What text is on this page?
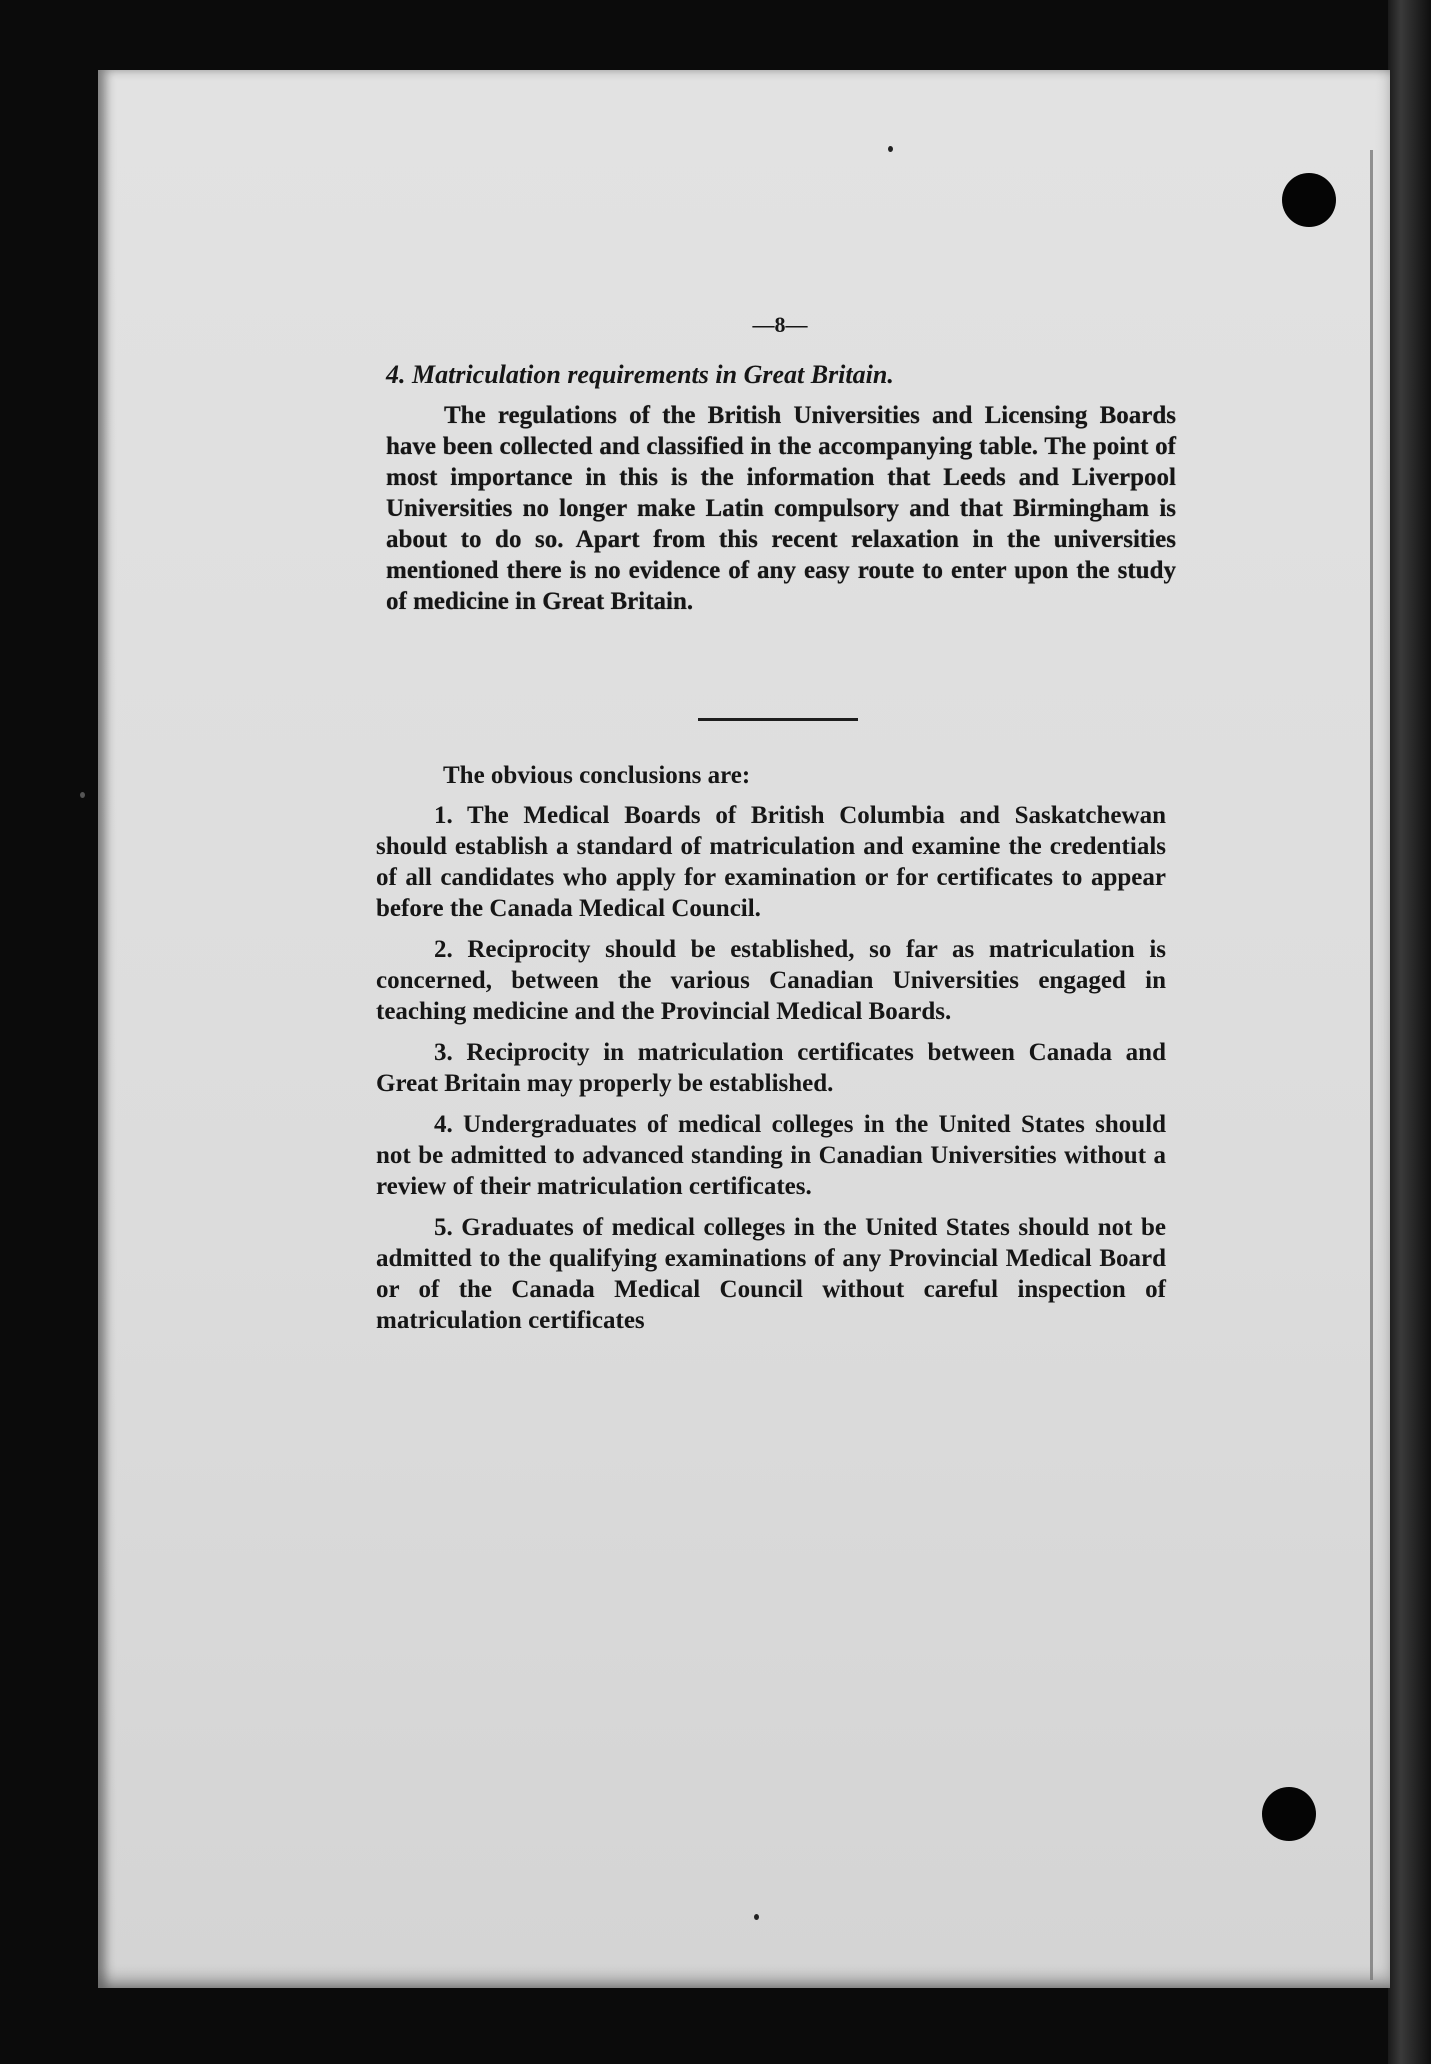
—8—
4. Matriculation requirements in Great Britain.

The regulations of the British Universities and Licensing Boards have been collected and classified in the accompanying table. The point of most importance in this is the information that Leeds and Liverpool Universities no longer make Latin compulsory and that Birmingham is about to do so. Apart from this recent relaxation in the universities mentioned there is no evidence of any easy route to enter upon the study of medicine in Great Britain.

The obvious conclusions are:

1. The Medical Boards of British Columbia and Saskatchewan should establish a standard of matriculation and examine the credentials of all candidates who apply for examination or for certificates to appear before the Canada Medical Council.

2. Reciprocity should be established, so far as matriculation is concerned, between the various Canadian Universities engaged in teaching medicine and the Provincial Medical Boards.

3. Reciprocity in matriculation certificates between Canada and Great Britain may properly be established.

4. Undergraduates of medical colleges in the United States should not be admitted to advanced standing in Canadian Universities without a review of their matriculation certificates.

5. Graduates of medical colleges in the United States should not be admitted to the qualifying examinations of any Provincial Medical Board or of the Canada Medical Council without careful inspection of matriculation certificates
